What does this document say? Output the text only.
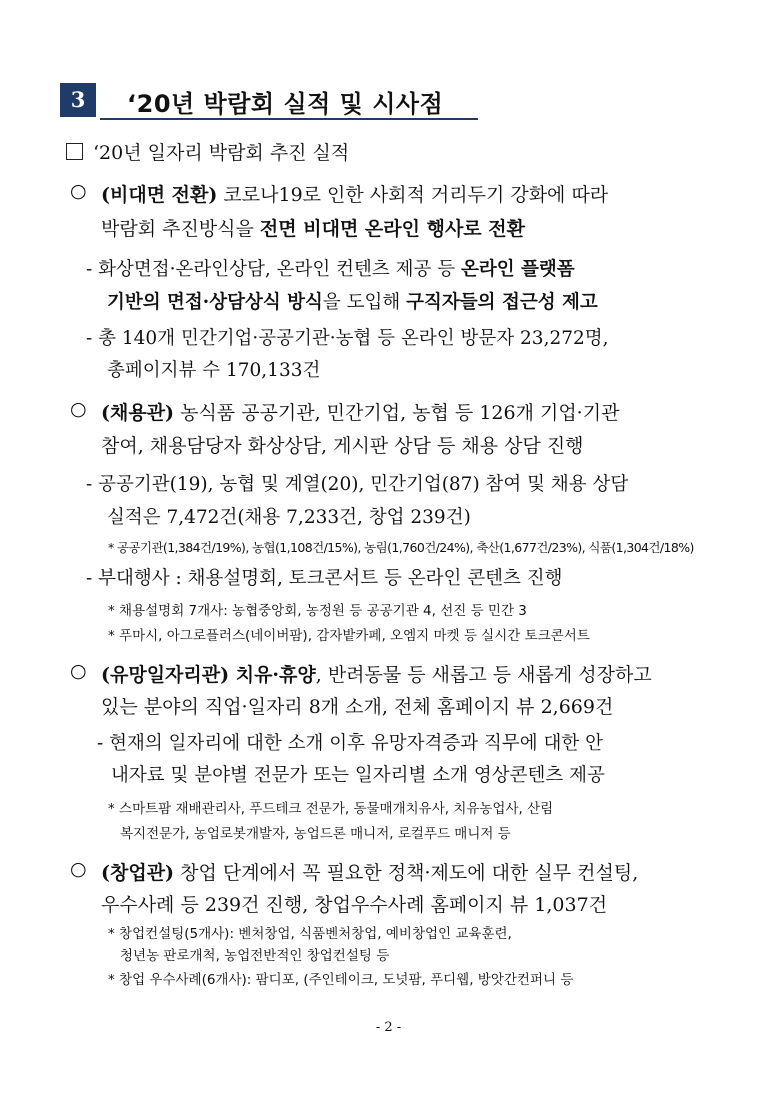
3	‘20년 박람회 실적 및 시사점
‘20년 일자리 박람회 추진 실적
○ (비대면 전환) 코로나19로 인한 사회적 거리두기 강화에 따라
박람회 추진방식을 전면 비대면 온라인 행사로 전환
- 화상면접·온라인상담, 온라인 컨텐츠 제공 등 온라인 플랫폼
기반의 면접·상담상식 방식을 도입해 구직자들의 접근성 제고
- 총 140개 민간기업·공공기관·농협 등 온라인 방문자 23,272명,
총페이지뷰 수 170,133건
○ (채용관) 농식품 공공기관, 민간기업, 농협 등 126개 기업·기관
참여, 채용담당자 화상상담, 게시판 상담 등 채용 상담 진행
- 공공기관(19), 농협 및 계열(20), 민간기업(87) 참여 및 채용 상담
실적은 7,472건(채용 7,233건, 창업 239건)
* 공공기관(1,384건/19%), 농협(1,108건/15%), 농림(1,760건/24%), 축산(1,677건/23%), 식품(1,304건/18%)
- 부대행사 : 채용설명회, 토크콘서트 등 온라인 콘텐츠 진행
* 채용설명회 7개사: 농협중앙회, 농정원 등 공공기관 4, 선진 등 민간 3
* 푸마시, 아그로플러스(네이버팜), 감자밭카페, 오엠지 마켓 등 실시간 토크콘서트
○ (유망일자리관) 치유·휴양, 반려동물 등 새롭고 등 새롭게 성장하고
있는 분야의 직업·일자리 8개 소개, 전체 홈페이지 뷰 2,669건
- 현재의 일자리에 대한 소개 이후 유망자격증과 직무에 대한 안
내자료 및 분야별 전문가 또는 일자리별 소개 영상콘텐츠 제공
* 스마트팜 재배관리사, 푸드테크 전문가, 동물매개치유사, 치유농업사, 산림
복지전문가, 농업로봇개발자, 농업드론 매니저, 로컬푸드 매니저 등
○ (창업관) 창업 단계에서 꼭 필요한 정책·제도에 대한 실무 컨설팅,
우수사례 등 239건 진행, 창업우수사례 홈페이지 뷰 1,037건
* 창업컨설팅(5개사): 벤처창업, 식품벤처창업, 예비창업인 교육훈련,
청년농 판로개척, 농업전반적인 창업컨설팅 등
* 창업 우수사례(6개사): 팜디포, (주인테이크, 도넛팜, 푸디웹, 방앗간컨퍼니 등
- 2 -
